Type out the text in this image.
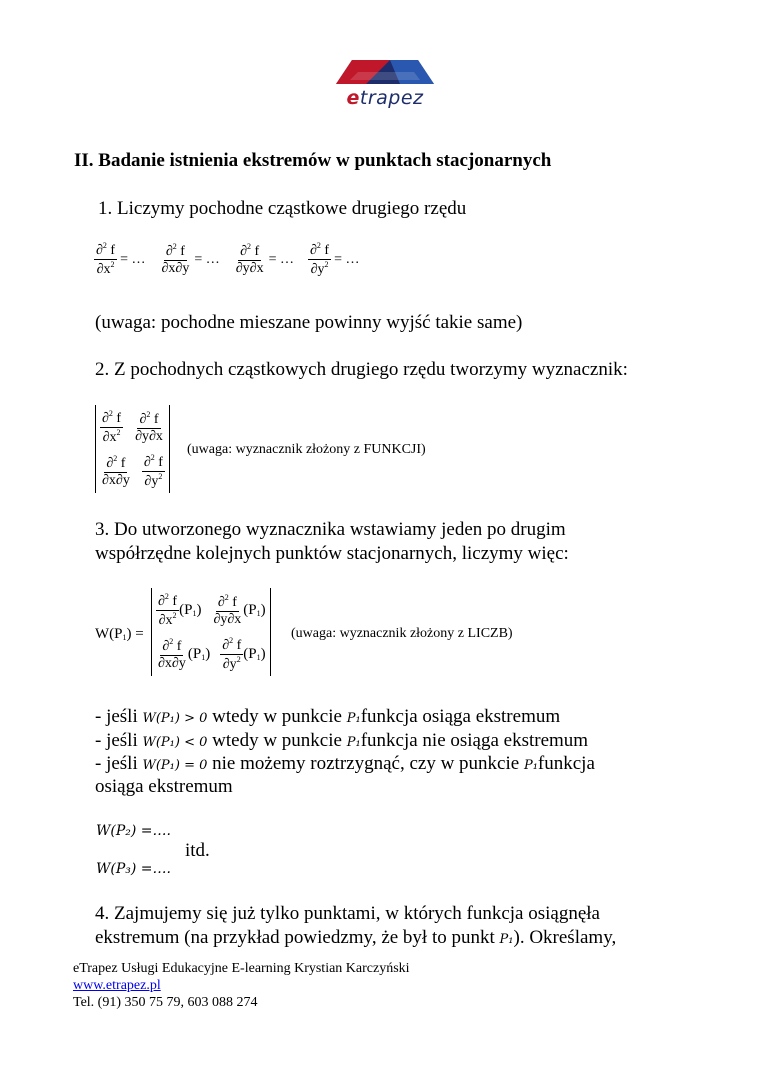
etrapez
II. Badanie istnienia ekstremów w punktach stacjonarnych
1. Liczymy pochodne cząstkowe drugiego rzędu
$\frac{\partial^2 f}{\partial x^2}$ = … $\frac{\partial^2 f}{\partial x\partial y}$ = … $\frac{\partial^2 f}{\partial y\partial x}$ = … $\frac{\partial^2 f}{\partial y^2}$ = …
(uwaga: pochodne mieszane powinny wyjść takie same)
2. Z pochodnych cząstkowych drugiego rzędu tworzymy wyznacznik:
$\frac{\partial^2 f}{\partial x^2} \frac{\partial^2 f}{\partial y\partial x}$
$\frac{\partial^2 f}{\partial x\partial y} \frac{\partial^2 f}{\partial y^2}$
(uwaga: wyznacznik złożony z FUNKCJI)
3. Do utworzonego wyznacznika wstawiamy jeden po drugim
współrzędne kolejnych punktów stacjonarnych, liczymy więc:
$W(P_1)$ =
$\frac{\partial^2 f}{\partial x^2} (P_1) \frac{\partial^2 f}{\partial y\partial x} (P_1)$
$\frac{\partial^2 f}{\partial x\partial y} (P_1) \frac{\partial^2 f}{\partial y^2} (P_1)$
(uwaga: wyznacznik złożony z LICZB)
- jeśli W(P₁) > 0 wtedy w punkcie P₁funkcja osiąga ekstremum
- jeśli W(P₁) < 0 wtedy w punkcie P₁funkcja nie osiąga ekstremum
- jeśli W(P₁) = 0 nie możemy roztrzygnąć, czy w punkcie P₁funkcja
osiąga ekstremum
W(P₂) =….
itd.
W(P₃) =….
4. Zajmujemy się już tylko punktami, w których funkcja osiągnęła
ekstremum (na przykład powiedzmy, że był to punkt P₁). Określamy,
eTrapez Usługi Edukacyjne E-learning Krystian Karczyński
www.etrapez.pl
Tel. (91) 350 75 79, 603 088 274
